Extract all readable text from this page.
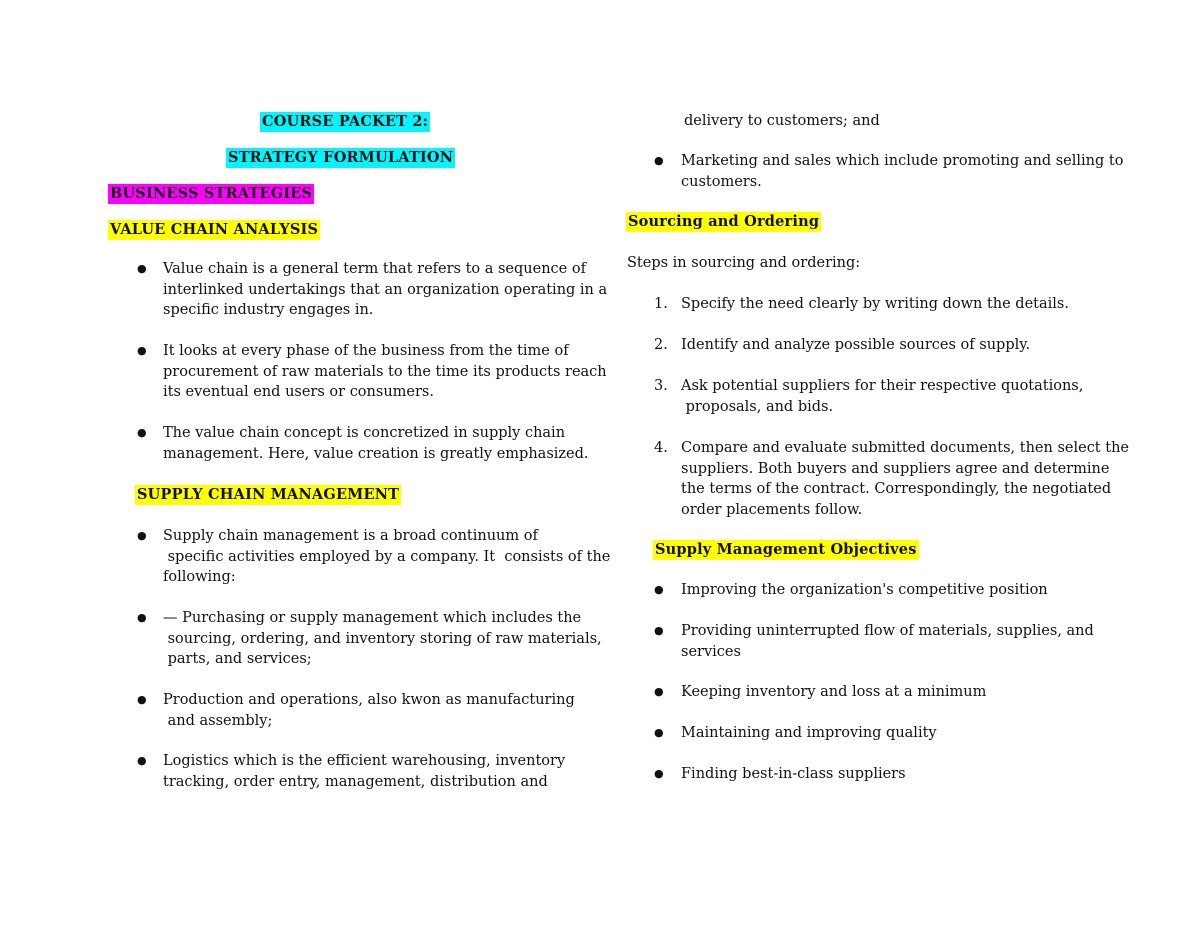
COURSE PACKET 2:
STRATEGY FORMULATION
BUSINESS STRATEGIES
VALUE CHAIN ANALYSIS
● Value chain is a general term that refers to a sequence of
interlinked undertakings that an organization operating in a
specific industry engages in.
● It looks at every phase of the business from the time of
procurement of raw materials to the time its products reach
its eventual end users or consumers.
● The value chain concept is concretized in supply chain
management. Here, value creation is greatly emphasized.
SUPPLY CHAIN MANAGEMENT
● Supply chain management is a broad continuum of
specific activities employed by a company. It  consists of the
following:
● — Purchasing or supply management which includes the
sourcing, ordering, and inventory storing of raw materials,
parts, and services;
● Production and operations, also kwon as manufacturing
and assembly;
● Logistics which is the efficient warehousing, inventory
tracking, order entry, management, distribution and
delivery to customers; and
● Marketing and sales which include promoting and selling to
customers.
Sourcing and Ordering
Steps in sourcing and ordering:
1. Specify the need clearly by writing down the details.
2. Identify and analyze possible sources of supply.
3. Ask potential suppliers for their respective quotations,
proposals, and bids.
4. Compare and evaluate submitted documents, then select the
suppliers. Both buyers and suppliers agree and determine
the terms of the contract. Correspondingly, the negotiated
order placements follow.
Supply Management Objectives
● Improving the organization's competitive position
● Providing uninterrupted flow of materials, supplies, and
services
● Keeping inventory and loss at a minimum
● Maintaining and improving quality
● Finding best-in-class suppliers
